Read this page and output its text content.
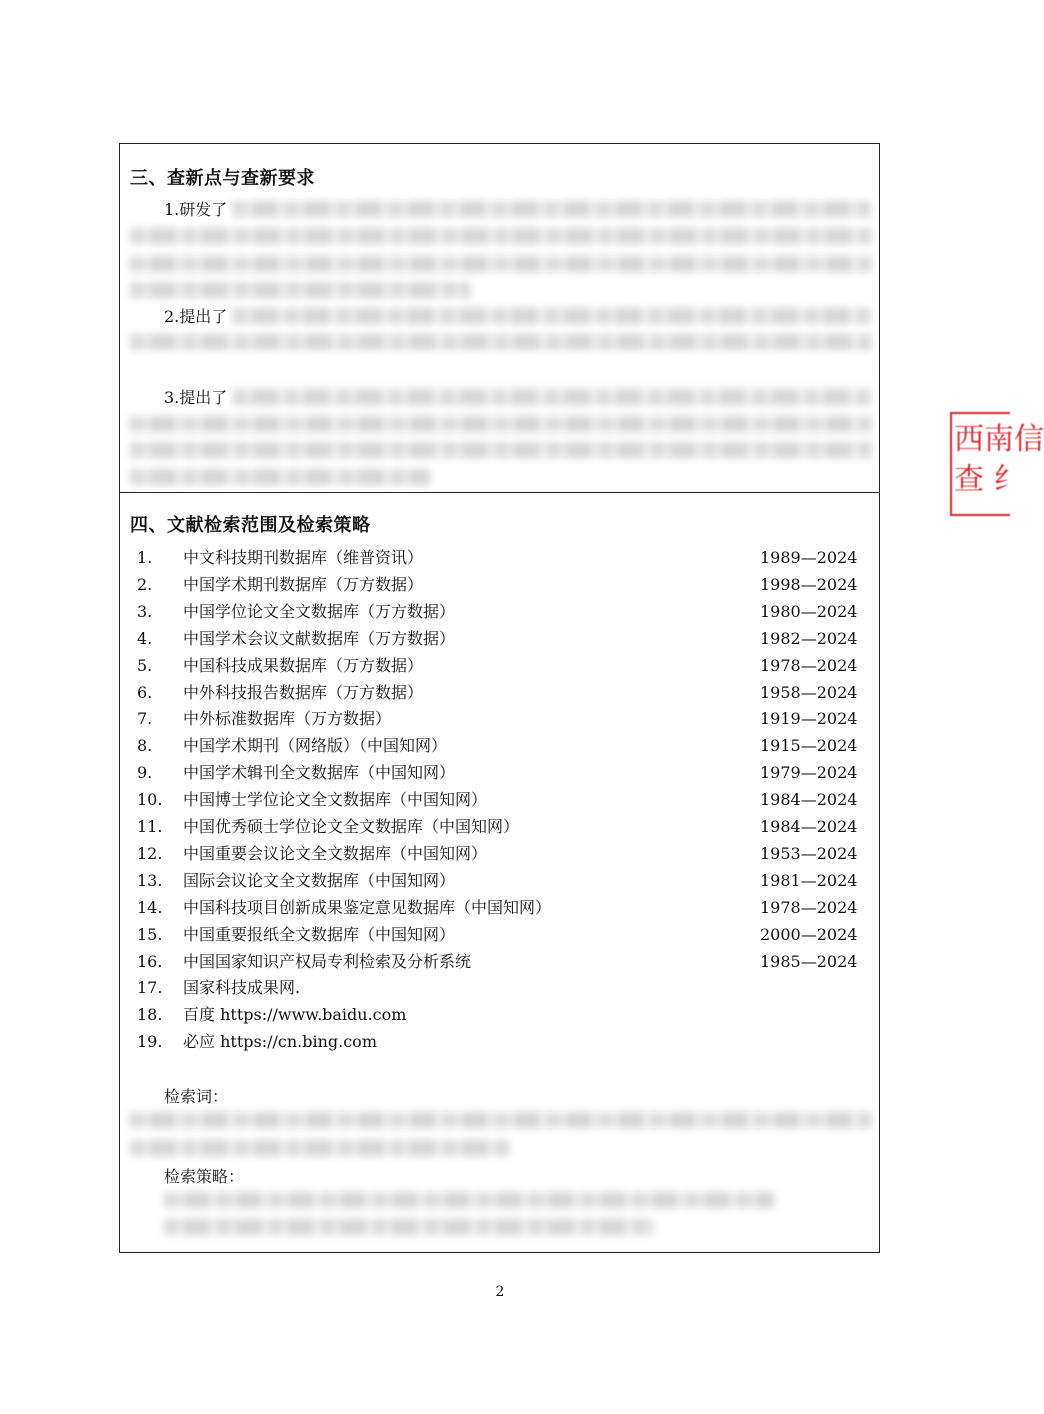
三、查新点与查新要求
1.研发了
2.提出了
3.提出了
四、文献检索范围及检索策略
1. 中文科技期刊数据库（维普资讯）	1989—2024
2. 中国学术期刊数据库（万方数据）	1998—2024
3. 中国学位论文全文数据库（万方数据）	1980—2024
4. 中国学术会议文献数据库（万方数据）	1982—2024
5. 中国科技成果数据库（万方数据）	1978—2024
6. 中外科技报告数据库（万方数据）	1958—2024
7. 中外标准数据库（万方数据）	1919—2024
8. 中国学术期刊（网络版）（中国知网）	1915—2024
9. 中国学术辑刊全文数据库（中国知网）	1979—2024
10. 中国博士学位论文全文数据库（中国知网）	1984—2024
11. 中国优秀硕士学位论文全文数据库（中国知网）	1984—2024
12. 中国重要会议论文全文数据库（中国知网）	1953—2024
13. 国际会议论文全文数据库（中国知网）	1981—2024
14. 中国科技项目创新成果鉴定意见数据库（中国知网）	1978—2024
15. 中国重要报纸全文数据库（中国知网）	2000—2024
16. 中国国家知识产权局专利检索及分析系统	1985—2024
17. 国家科技成果网.
18. 百度 https://www.baidu.com
19. 必应 https://cn.bing.com
检索词：
检索策略：
2
西南信
查 纟
